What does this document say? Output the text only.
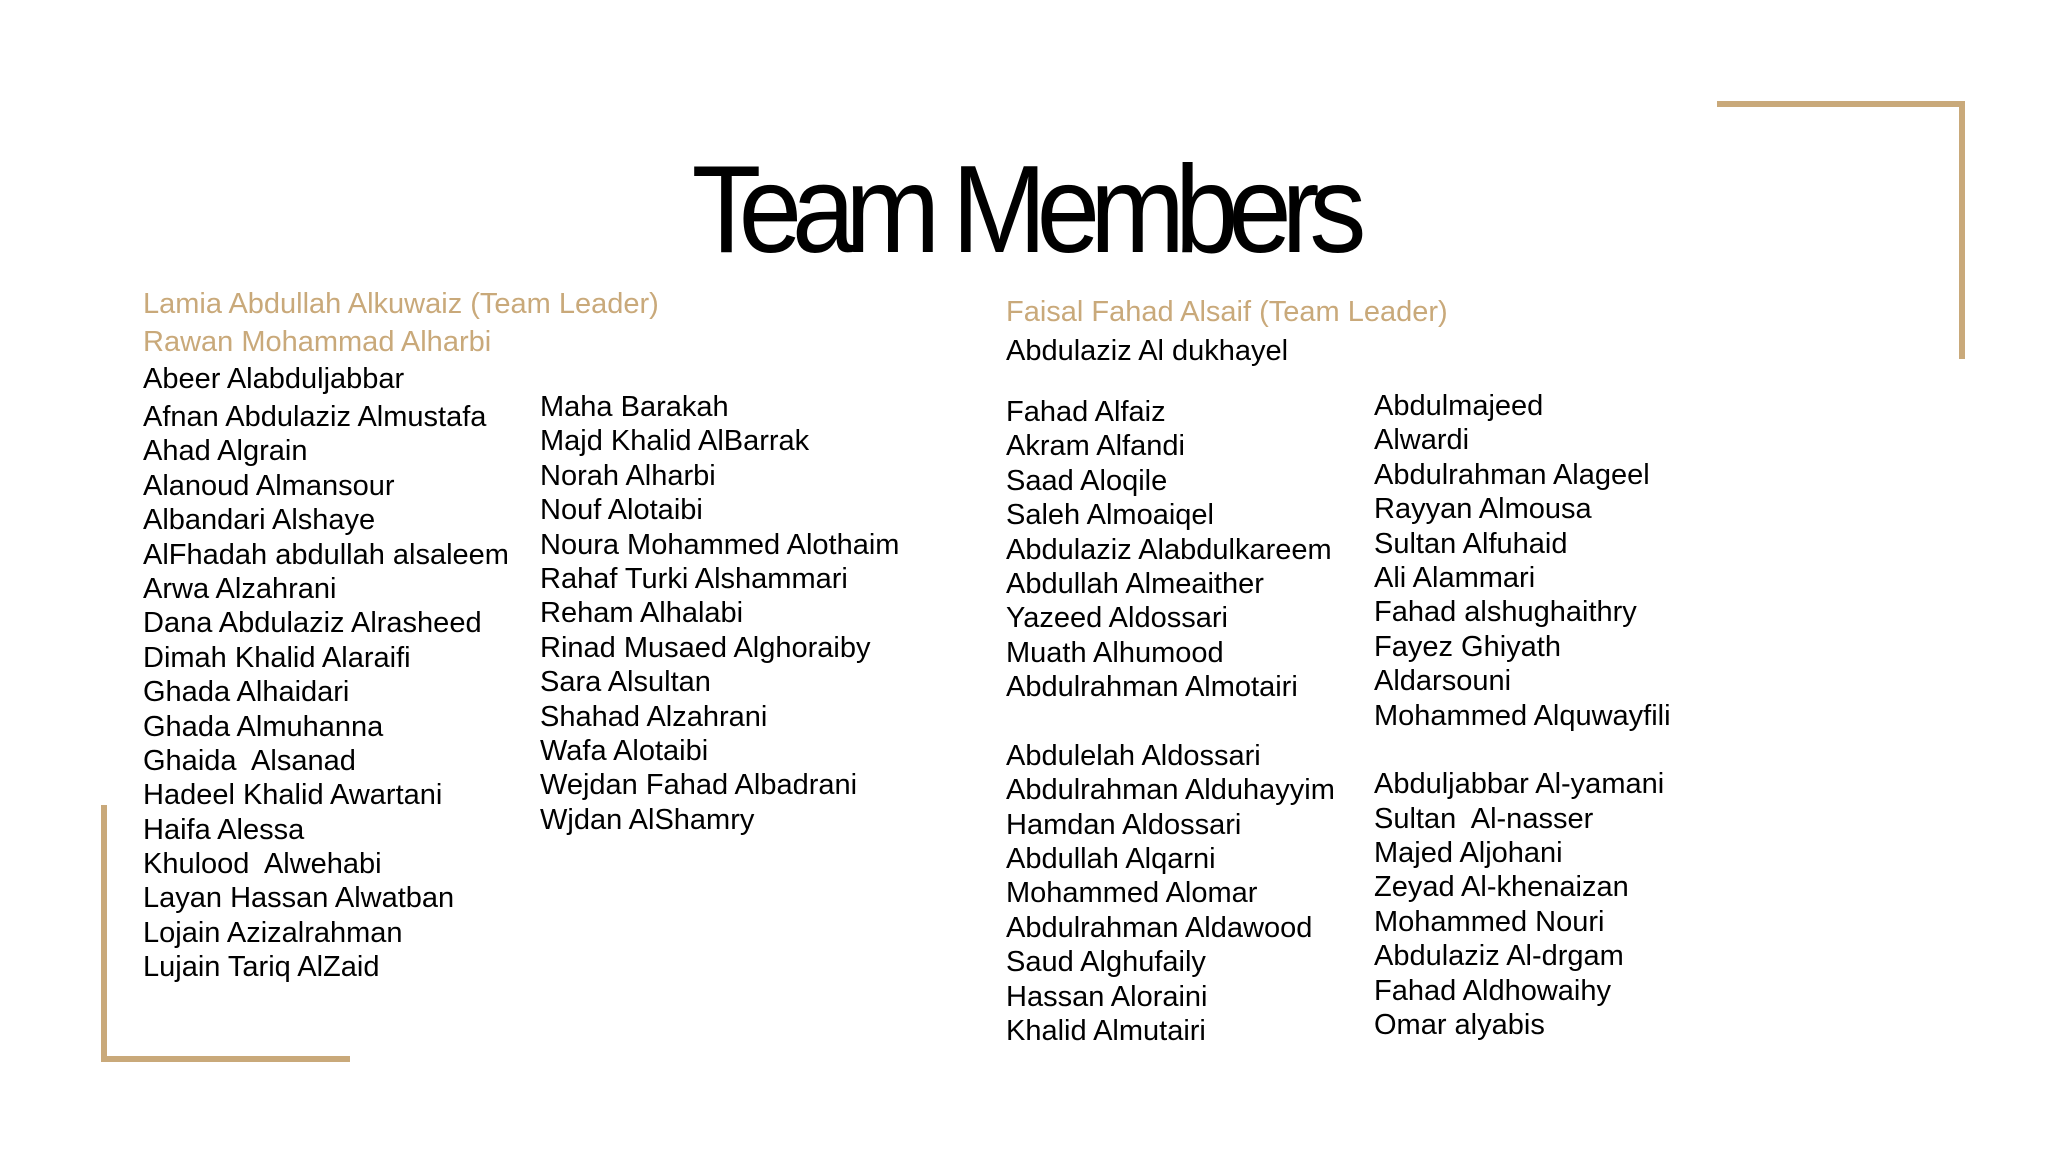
Team Members

Lamia Abdullah Alkuwaiz (Team Leader)

Rawan Mohammad Alharbi

Abeer Alabduljabbar

Afnan Abdulaziz Almustafa
Ahad Algrain
Alanoud Almansour
Albandari Alshaye
AlFhadah abdullah alsaleem
Arwa Alzahrani
Dana Abdulaziz Alrasheed
Dimah Khalid Alaraifi
Ghada Alhaidari
Ghada Almuhanna
Ghaida  Alsanad
Hadeel Khalid Awartani
Haifa Alessa
Khulood  Alwehabi
Layan Hassan Alwatban
Lojain Azizalrahman
Lujain Tariq AlZaid
Maha Barakah
Majd Khalid AlBarrak
Norah Alharbi
Nouf Alotaibi
Noura Mohammed Alothaim
Rahaf Turki Alshammari
Reham Alhalabi
Rinad Musaed Alghoraiby
Sara Alsultan
Shahad Alzahrani
Wafa Alotaibi
Wejdan Fahad Albadrani
Wjdan AlShamry

Faisal Fahad Alsaif (Team Leader)

Abdulaziz Al dukhayel

Fahad Alfaiz
Akram Alfandi
Saad Aloqile
Saleh Almoaiqel
Abdulaziz Alabdulkareem
Abdullah Almeaither
Yazeed Aldossari
Muath Alhumood
Abdulrahman Almotairi
Abdulelah Aldossari
Abdulrahman Alduhayyim
Hamdan Aldossari
Abdullah Alqarni
Mohammed Alomar
Abdulrahman Aldawood
Saud Alghufaily
Hassan Aloraini
Khalid Almutairi
Abdulmajeed
Alwardi
Abdulrahman Alageel
Rayyan Almousa
Sultan Alfuhaid
Ali Alammari
Fahad alshughaithry
Fayez Ghiyath
Aldarsouni
Mohammed Alquwayfili
Abduljabbar Al-yamani
Sultan  Al-nasser
Majed Aljohani
Zeyad Al-khenaizan
Mohammed Nouri
Abdulaziz Al-drgam
Fahad Aldhowaihy
Omar alyabis
